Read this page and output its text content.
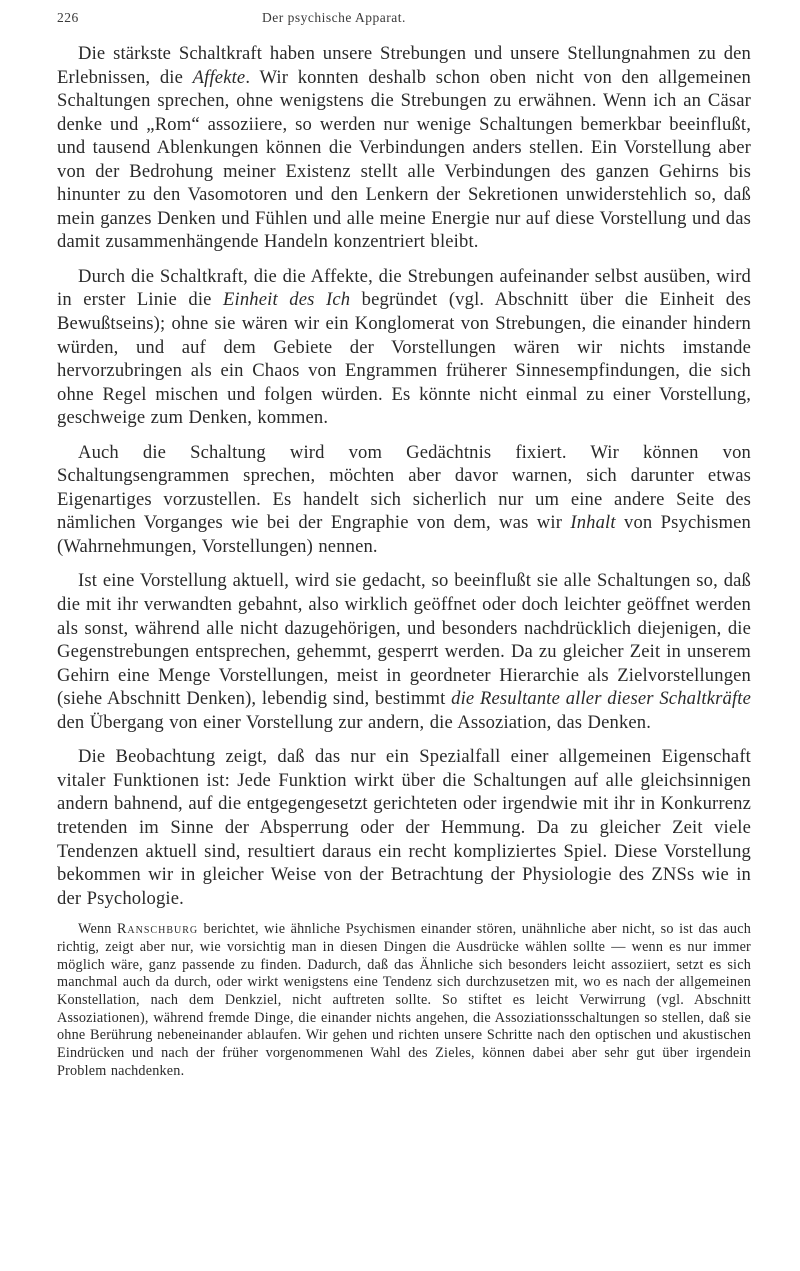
226	Der psychische Apparat.

Die stärkste Schaltkraft haben unsere Strebungen und unsere Stellungnahmen zu den Erlebnissen, die Affekte. Wir konnten deshalb schon oben nicht von den allgemeinen Schaltungen sprechen, ohne wenigstens die Strebungen zu erwähnen. Wenn ich an Cäsar denke und „Rom“ assoziiere, so werden nur wenige Schaltungen bemerkbar beeinflußt, und tausend Ablenkungen können die Verbindungen anders stellen. Ein Vorstellung aber von der Bedrohung meiner Existenz stellt alle Verbindungen des ganzen Gehirns bis hinunter zu den Vasomotoren und den Lenkern der Sekretionen unwiderstehlich so, daß mein ganzes Denken und Fühlen und alle meine Energie nur auf diese Vorstellung und das damit zusammenhängende Handeln konzentriert bleibt.

Durch die Schaltkraft, die die Affekte, die Strebungen aufeinander selbst ausüben, wird in erster Linie die Einheit des Ich begründet (vgl. Abschnitt über die Einheit des Bewußtseins); ohne sie wären wir ein Konglomerat von Strebungen, die einander hindern würden, und auf dem Gebiete der Vorstellungen wären wir nichts imstande hervorzubringen als ein Chaos von Engrammen früherer Sinnesempfindungen, die sich ohne Regel mischen und folgen würden. Es könnte nicht einmal zu einer Vorstellung, geschweige zum Denken, kommen.

Auch die Schaltung wird vom Gedächtnis fixiert. Wir können von Schaltungsengrammen sprechen, möchten aber davor warnen, sich darunter etwas Eigenartiges vorzustellen. Es handelt sich sicherlich nur um eine andere Seite des nämlichen Vorganges wie bei der Engraphie von dem, was wir Inhalt von Psychismen (Wahrnehmungen, Vorstellungen) nennen.

Ist eine Vorstellung aktuell, wird sie gedacht, so beeinflußt sie alle Schaltungen so, daß die mit ihr verwandten gebahnt, also wirklich geöffnet oder doch leichter geöffnet werden als sonst, während alle nicht dazugehörigen, und besonders nachdrücklich diejenigen, die Gegenstrebungen entsprechen, gehemmt, gesperrt werden. Da zu gleicher Zeit in unserem Gehirn eine Menge Vorstellungen, meist in geordneter Hierarchie als Zielvorstellungen (siehe Abschnitt Denken), lebendig sind, bestimmt die Resultante aller dieser Schaltkräfte den Übergang von einer Vorstellung zur andern, die Assoziation, das Denken.

Die Beobachtung zeigt, daß das nur ein Spezialfall einer allgemeinen Eigenschaft vitaler Funktionen ist: Jede Funktion wirkt über die Schaltungen auf alle gleichsinnigen andern bahnend, auf die entgegengesetzt gerichteten oder irgendwie mit ihr in Konkurrenz tretenden im Sinne der Absperrung oder der Hemmung. Da zu gleicher Zeit viele Tendenzen aktuell sind, resultiert daraus ein recht kompliziertes Spiel. Diese Vorstellung bekommen wir in gleicher Weise von der Betrachtung der Physiologie des ZNSs wie in der Psychologie.

Wenn Ranschburg berichtet, wie ähnliche Psychismen einander stören, unähnliche aber nicht, so ist das auch richtig, zeigt aber nur, wie vorsichtig man in diesen Dingen die Ausdrücke wählen sollte — wenn es nur immer möglich wäre, ganz passende zu finden. Dadurch, daß das Ähnliche sich besonders leicht assoziiert, setzt es sich manchmal auch da durch, oder wirkt wenigstens eine Tendenz sich durchzusetzen mit, wo es nach der allgemeinen Konstellation, nach dem Denkziel, nicht auftreten sollte. So stiftet es leicht Verwirrung (vgl. Abschnitt Assoziationen), während fremde Dinge, die einander nichts angehen, die Assoziationsschaltungen so stellen, daß sie ohne Berührung nebeneinander ablaufen. Wir gehen und richten unsere Schritte nach den optischen und akustischen Eindrücken und nach der früher vorgenommenen Wahl des Zieles, können dabei aber sehr gut über irgendein Problem nachdenken.
